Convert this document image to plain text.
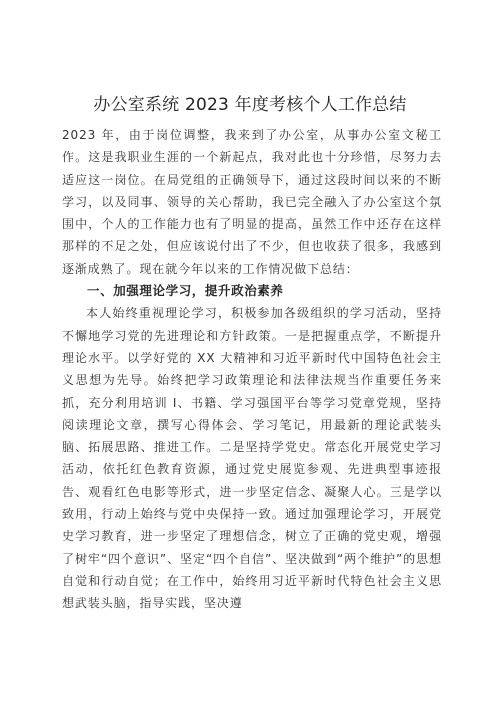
办公室系统 2023 年度考核个人工作总结

2023 年，由于岗位调整，我来到了办公室，从事办公室文秘工作。这是我职业生涯的一个新起点，我对此也十分珍惜，尽努力去适应这一岗位。在局党组的正确领导下，通过这段时间以来的不断学习，以及同事、领导的关心帮助，我已完全融入了办公室这个氛围中，个人的工作能力也有了明显的提高，虽然工作中还存在这样那样的不足之处，但应该说付出了不少，但也收获了很多，我感到逐渐成熟了。现在就今年以来的工作情况做下总结：

一、加强理论学习，提升政治素养

本人始终重视理论学习，积极参加各级组织的学习活动，坚持不懈地学习党的先进理论和方针政策。一是把握重点学，不断提升理论水平。以学好党的 XX 大精神和习近平新时代中国特色社会主义思想为先导。始终把学习政策理论和法律法规当作重要任务来抓，充分利用培训 I、书籍、学习强国平台等学习党章党规，坚持阅读理论文章，撰写心得体会、学习笔记，用最新的理论武装头脑、拓展思路、推进工作。二是坚持学党史。常态化开展党史学习活动，依托红色教育资源，通过党史展览参观、先进典型事迹报告、观看红色电影等形式，进一步坚定信念、凝聚人心。三是学以致用，行动上始终与党中央保持一致。通过加强理论学习，开展党史学习教育，进一步坚定了理想信念，树立了正确的党史观，增强了树牢“四个意识”、坚定“四个自信”、坚决做到“两个维护”的思想自觉和行动自觉；在工作中，始终用习近平新时代特色社会主义思想武装头脑，指导实践，坚决遵
